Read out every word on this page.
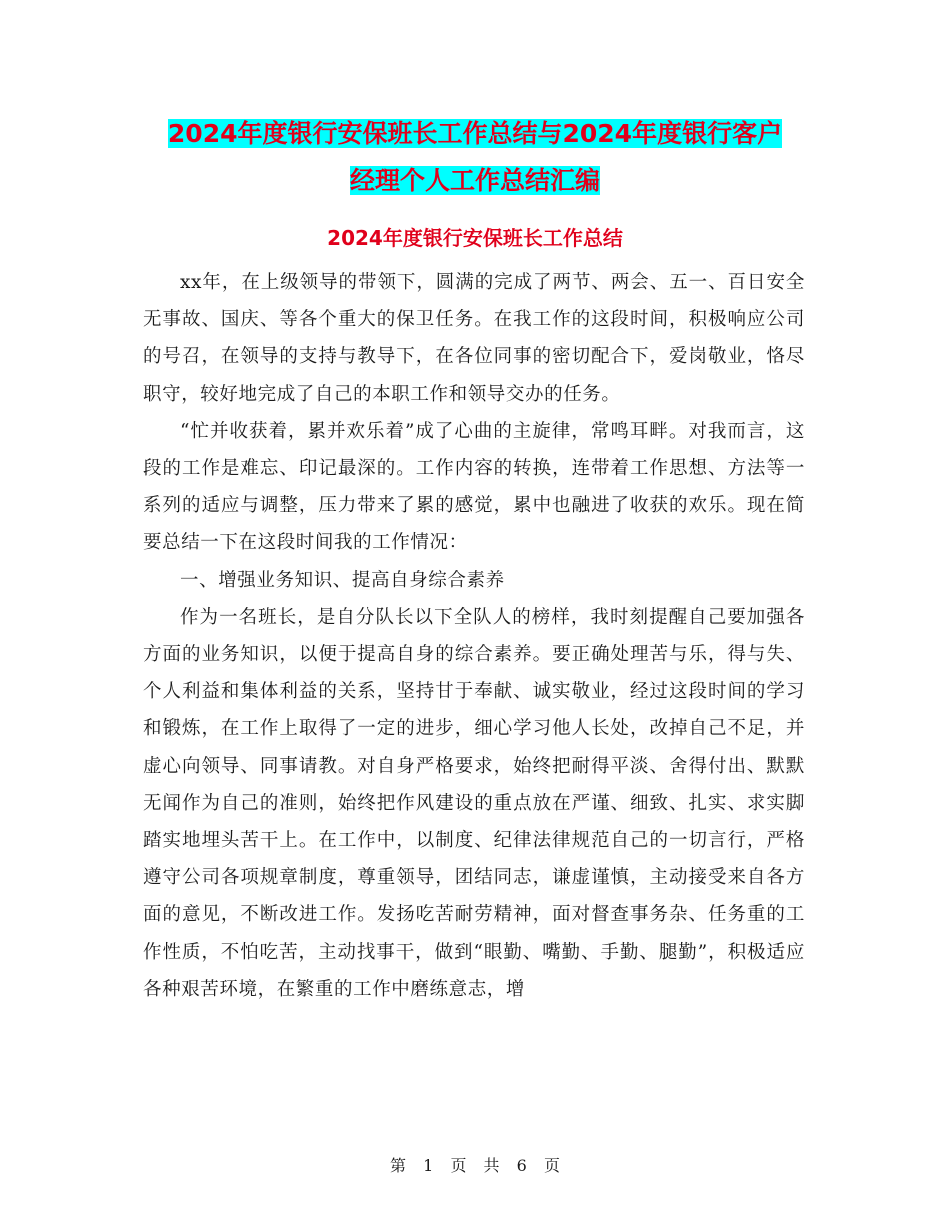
2024年度银行安保班长工作总结与2024年度银行客户
经理个人工作总结汇编
2024年度银行安保班长工作总结

xx年，在上级领导的带领下，圆满的完成了两节、两会、五一、百日安全无事故、国庆、等各个重大的保卫任务。在我工作的这段时间，积极响应公司的号召，在领导的支持与教导下，在各位同事的密切配合下，爱岗敬业，恪尽职守，较好地完成了自己的本职工作和领导交办的任务。

“忙并收获着，累并欢乐着”成了心曲的主旋律，常鸣耳畔。对我而言，这段的工作是难忘、印记最深的。工作内容的转换，连带着工作思想、方法等一系列的适应与调整，压力带来了累的感觉，累中也融进了收获的欢乐。现在简要总结一下在这段时间我的工作情况：

一、增强业务知识、提高自身综合素养

作为一名班长，是自分队长以下全队人的榜样，我时刻提醒自己要加强各方面的业务知识，以便于提高自身的综合素养。要正确处理苦与乐，得与失、个人利益和集体利益的关系，坚持甘于奉献、诚实敬业，经过这段时间的学习和锻炼，在工作上取得了一定的进步，细心学习他人长处，改掉自己不足，并虚心向领导、同事请教。对自身严格要求，始终把耐得平淡、舍得付出、默默无闻作为自己的准则，始终把作风建设的重点放在严谨、细致、扎实、求实脚踏实地埋头苦干上。在工作中，以制度、纪律法律规范自己的一切言行，严格遵守公司各项规章制度，尊重领导，团结同志，谦虚谨慎，主动接受来自各方面的意见，不断改进工作。发扬吃苦耐劳精神，面对督查事务杂、任务重的工作性质，不怕吃苦，主动找事干，做到“眼勤、嘴勤、手勤、腿勤”，积极适应各种艰苦环境，在繁重的工作中磨练意志，增

第 1 页 共 6 页
